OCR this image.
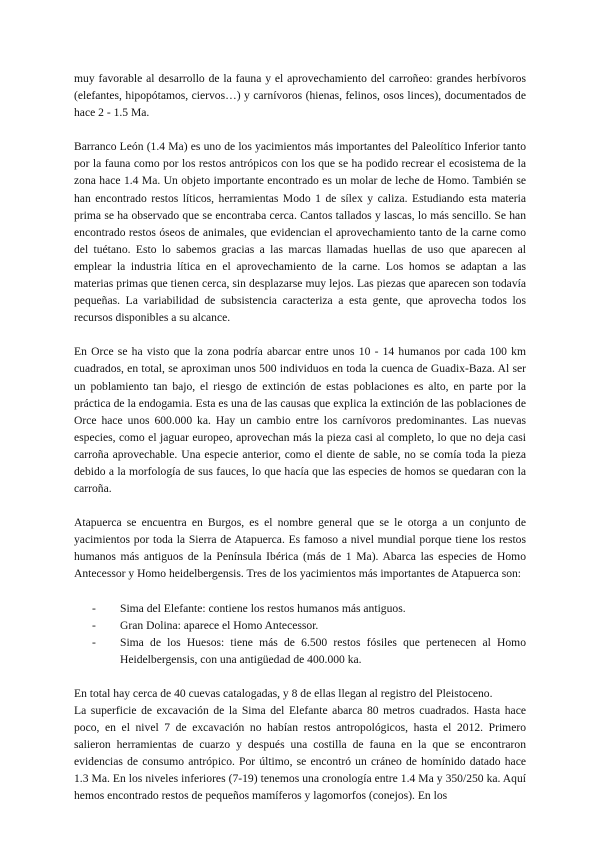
muy favorable al desarrollo de la fauna y el aprovechamiento del carroñeo: grandes herbívoros (elefantes, hipopótamos, ciervos…) y carnívoros (hienas, felinos, osos linces), documentados de hace 2 - 1.5 Ma.

Barranco León (1.4 Ma) es uno de los yacimientos más importantes del Paleolítico Inferior tanto por la fauna como por los restos antrópicos con los que se ha podido recrear el ecosistema de la zona hace 1.4 Ma. Un objeto importante encontrado es un molar de leche de Homo. También se han encontrado restos líticos, herramientas Modo 1 de sílex y caliza. Estudiando esta materia prima se ha observado que se encontraba cerca. Cantos tallados y lascas, lo más sencillo. Se han encontrado restos óseos de animales, que evidencian el aprovechamiento tanto de la carne como del tuétano. Esto lo sabemos gracias a las marcas llamadas huellas de uso que aparecen al emplear la industria lítica en el aprovechamiento de la carne. Los homos se adaptan a las materias primas que tienen cerca, sin desplazarse muy lejos. Las piezas que aparecen son todavía pequeñas. La variabilidad de subsistencia caracteriza a esta gente, que aprovecha todos los recursos disponibles a su alcance.

En Orce se ha visto que la zona podría abarcar entre unos 10 - 14 humanos por cada 100 km cuadrados, en total, se aproximan unos 500 individuos en toda la cuenca de Guadix-Baza. Al ser un poblamiento tan bajo, el riesgo de extinción de estas poblaciones es alto, en parte por la práctica de la endogamia. Esta es una de las causas que explica la extinción de las poblaciones de Orce hace unos 600.000 ka. Hay un cambio entre los carnívoros predominantes. Las nuevas especies, como el jaguar europeo, aprovechan más la pieza casi al completo, lo que no deja casi carroña aprovechable. Una especie anterior, como el diente de sable, no se comía toda la pieza debido a la morfología de sus fauces, lo que hacía que las especies de homos se quedaran con la carroña.

Atapuerca se encuentra en Burgos, es el nombre general que se le otorga a un conjunto de yacimientos por toda la Sierra de Atapuerca. Es famoso a nivel mundial porque tiene los restos humanos más antiguos de la Península Ibérica (más de 1 Ma). Abarca las especies de Homo Antecessor y Homo heidelbergensis. Tres de los yacimientos más importantes de Atapuerca son:

- Sima del Elefante: contiene los restos humanos más antiguos.
- Gran Dolina: aparece el Homo Antecessor.
- Sima de los Huesos: tiene más de 6.500 restos fósiles que pertenecen al Homo Heidelbergensis, con una antigüedad de 400.000 ka.

En total hay cerca de 40 cuevas catalogadas, y 8 de ellas llegan al registro del Pleistoceno.

La superficie de excavación de la Sima del Elefante abarca 80 metros cuadrados. Hasta hace poco, en el nivel 7 de excavación no habían restos antropológicos, hasta el 2012. Primero salieron herramientas de cuarzo y después una costilla de fauna en la que se encontraron evidencias de consumo antrópico. Por último, se encontró un cráneo de homínido datado hace 1.3 Ma. En los niveles inferiores (7-19) tenemos una cronología entre 1.4 Ma y 350/250 ka. Aquí hemos encontrado restos de pequeños mamíferos y lagomorfos (conejos). En los
